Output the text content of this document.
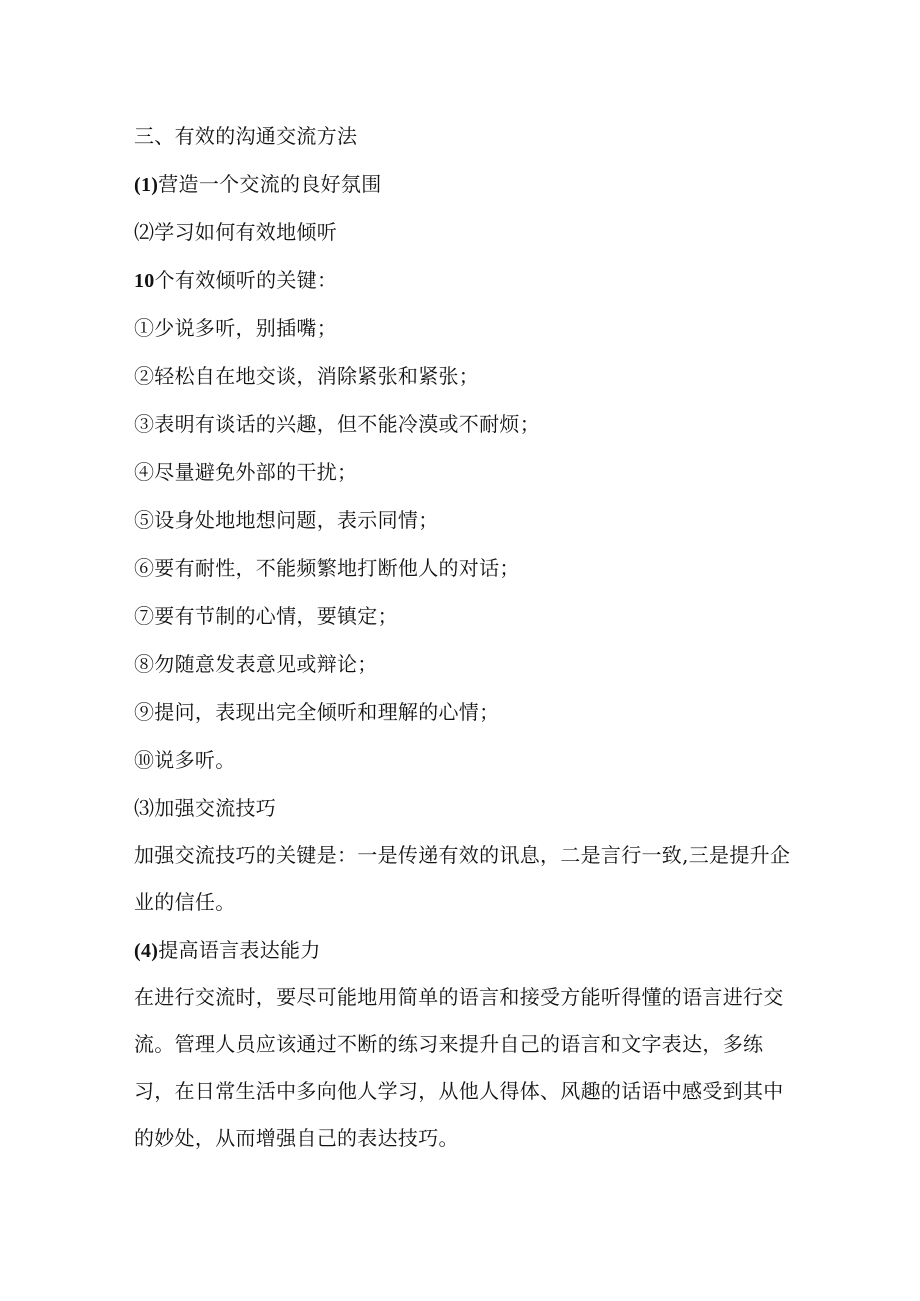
三、有效的沟通交流方法
(1)营造一个交流的良好氛围
⑵学习如何有效地倾听
10个有效倾听的关键：
①少说多听，别插嘴；
②轻松自在地交谈，消除紧张和紧张；
③表明有谈话的兴趣，但不能冷漠或不耐烦；
④尽量避免外部的干扰；
⑤设身处地地想问题，表示同情；
⑥要有耐性，不能频繁地打断他人的对话；
⑦要有节制的心情，要镇定；
⑧勿随意发表意见或辩论；
⑨提问，表现出完全倾听和理解的心情；
⑩说多听。
⑶加强交流技巧
加强交流技巧的关键是：一是传递有效的讯息，二是言行一致,三是提升企业的信任。
(4)提高语言表达能力
在进行交流时，要尽可能地用简单的语言和接受方能听得懂的语言进行交流。管理人员应该通过不断的练习来提升自己的语言和文字表达，多练习，在日常生活中多向他人学习，从他人得体、风趣的话语中感受到其中的妙处，从而增强自己的表达技巧。
